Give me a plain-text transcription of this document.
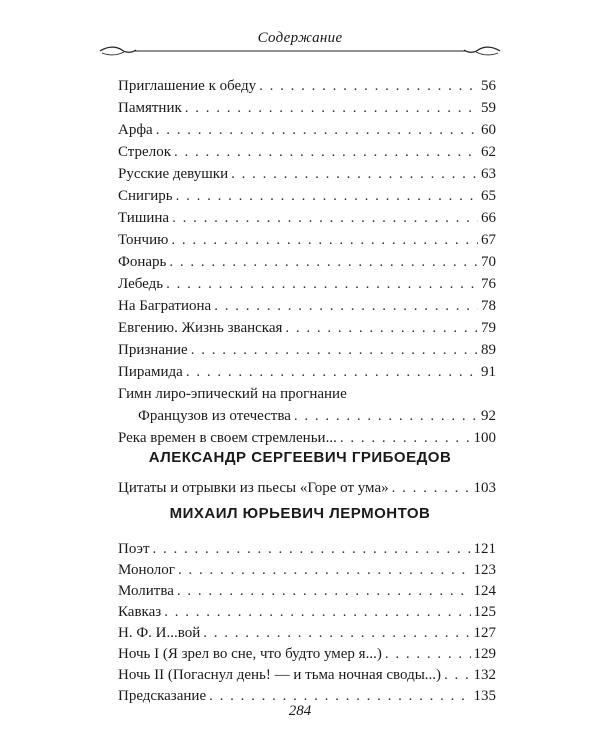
Содержание
Приглашение к обеду . . .	56
Памятник . . .	59
Арфа . . .	60
Стрелок . . .	62
Русские девушки . . .	63
Снигирь . . .	65
Тишина . . .	66
Тончию . . .	67
Фонарь . . .	70
Лебедь . . .	76
На Багратиона . . .	78
Евгению. Жизнь званская . . .	79
Признание . . .	89
Пирамида . . .	91
Гимн лиро-эпический на прогнание
Французов из отечества . . .	92
Река времен в своем стремленьи... . . .	100
АЛЕКСАНДР СЕРГЕЕВИЧ ГРИБОЕДОВ
Цитаты и отрывки из пьесы «Горе от ума» . . .	103
МИХАИЛ ЮРЬЕВИЧ ЛЕРМОНТОВ
284
Поэт . . .	121
Монолог . . .	123
Молитва . . .	124
Кавказ . . .	125
Н. Ф. И...вой . . .	127
Ночь I (Я зрел во сне, что будто умер я...) . . .	129
Ночь II (Погаснул день! — и тьма ночная своды...) . . . 132
Предсказание . . .	135
